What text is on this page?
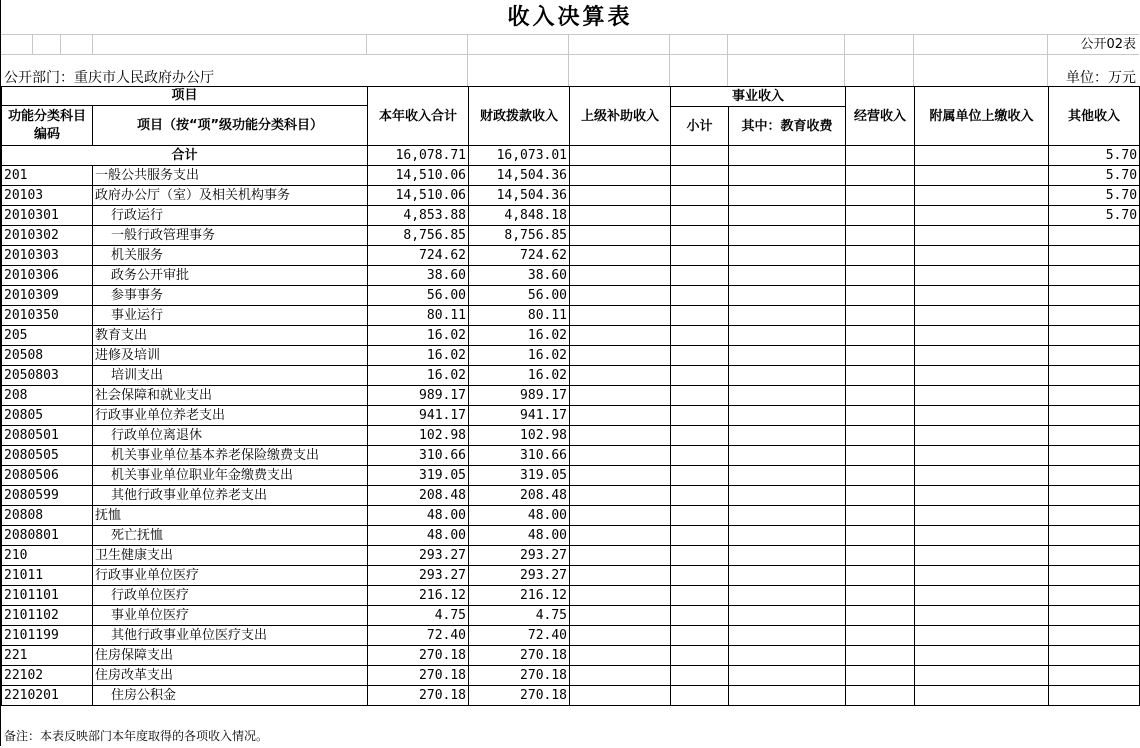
收入决算表
公开02表
公开部门：重庆市人民政府办公厅	单位：万元
项目		本年收入合计	财政拨款收入	上级补助收入	事业收入		经营收入	附属单位上缴收入	其他收入
功能分类科目编码	项目（按“项”级功能分类科目）								
					小计	其中：教育收费			
合计		16,078.71	16,073.01						5.70
201	一般公共服务支出	14,510.06	14,504.36						5.70
20103	政府办公厅（室）及相关机构事务	14,510.06	14,504.36						5.70
2010301	行政运行	4,853.88	4,848.18						5.70
2010302	一般行政管理事务	8,756.85	8,756.85						
2010303	机关服务	724.62	724.62						
2010306	政务公开审批	38.60	38.60						
2010309	参事事务	56.00	56.00						
2010350	事业运行	80.11	80.11						
205	教育支出	16.02	16.02						
20508	进修及培训	16.02	16.02						
2050803	培训支出	16.02	16.02						
208	社会保障和就业支出	989.17	989.17						
20805	行政事业单位养老支出	941.17	941.17						
2080501	行政单位离退休	102.98	102.98						
2080505	机关事业单位基本养老保险缴费支出	310.66	310.66						
2080506	机关事业单位职业年金缴费支出	319.05	319.05						
2080599	其他行政事业单位养老支出	208.48	208.48						
20808	抚恤	48.00	48.00						
2080801	死亡抚恤	48.00	48.00						
210	卫生健康支出	293.27	293.27						
21011	行政事业单位医疗	293.27	293.27						
2101101	行政单位医疗	216.12	216.12						
2101102	事业单位医疗	4.75	4.75						
2101199	其他行政事业单位医疗支出	72.40	72.40						
221	住房保障支出	270.18	270.18						
22102	住房改革支出	270.18	270.18						
2210201	住房公积金	270.18	270.18						
备注：本表反映部门本年度取得的各项收入情况。
